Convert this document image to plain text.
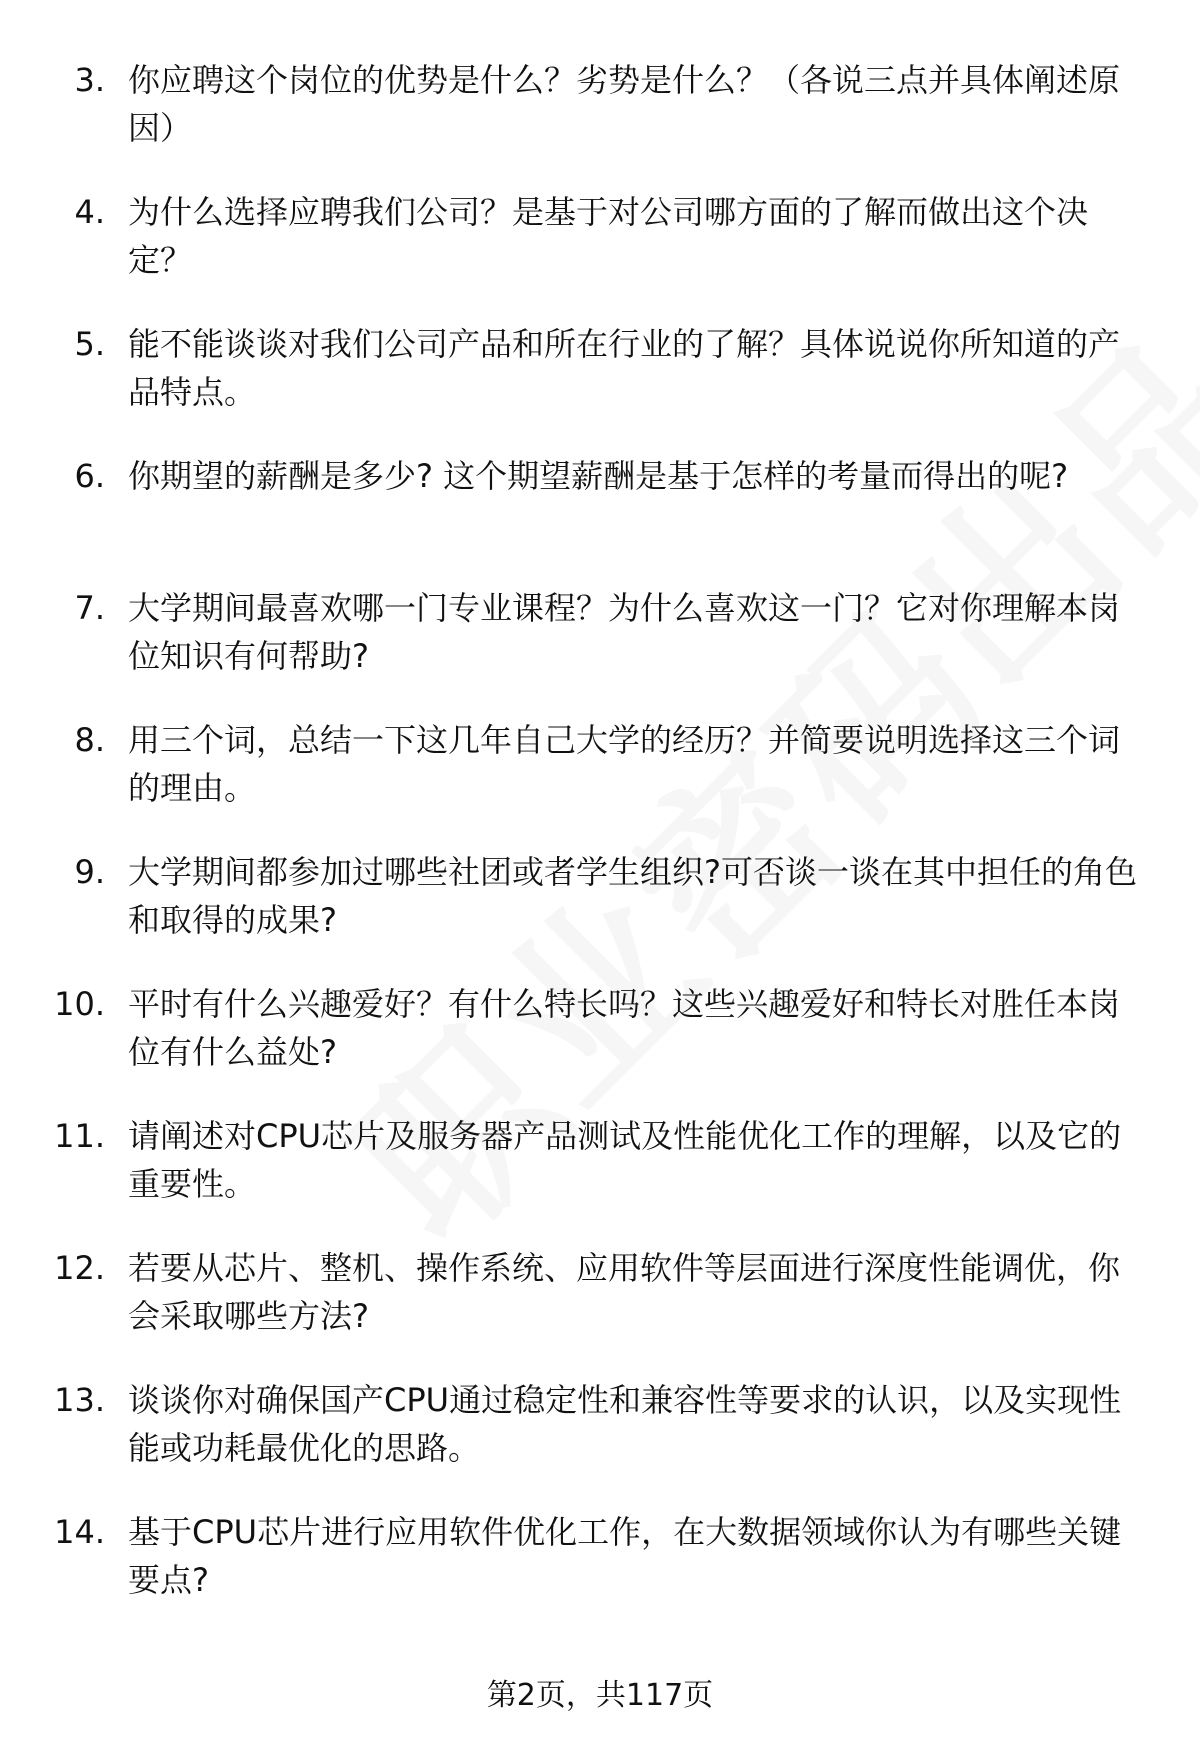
3. 你应聘这个岗位的优势是什么？劣势是什么？（各说三点并具体阐述原因）
4. 为什么选择应聘我们公司？是基于对公司哪方面的了解而做出这个决定？
5. 能不能谈谈对我们公司产品和所在行业的了解？具体说说你所知道的产品特点。
6. 你期望的薪酬是多少? 这个期望薪酬是基于怎样的考量而得出的呢?
7. 大学期间最喜欢哪一门专业课程？为什么喜欢这一门？它对你理解本岗位知识有何帮助?
8. 用三个词，总结一下这几年自己大学的经历？并简要说明选择这三个词的理由。
9. 大学期间都参加过哪些社团或者学生组织?可否谈一谈在其中担任的角色和取得的成果?
10. 平时有什么兴趣爱好？有什么特长吗？这些兴趣爱好和特长对胜任本岗位有什么益处?
11. 请阐述对CPU芯片及服务器产品测试及性能优化工作的理解，以及它的重要性。
12. 若要从芯片、整机、操作系统、应用软件等层面进行深度性能调优，你会采取哪些方法?
13. 谈谈你对确保国产CPU通过稳定性和兼容性等要求的认识，以及实现性能或功耗最优化的思路。
14. 基于CPU芯片进行应用软件优化工作，在大数据领域你认为有哪些关键要点?
第2页，共117页
